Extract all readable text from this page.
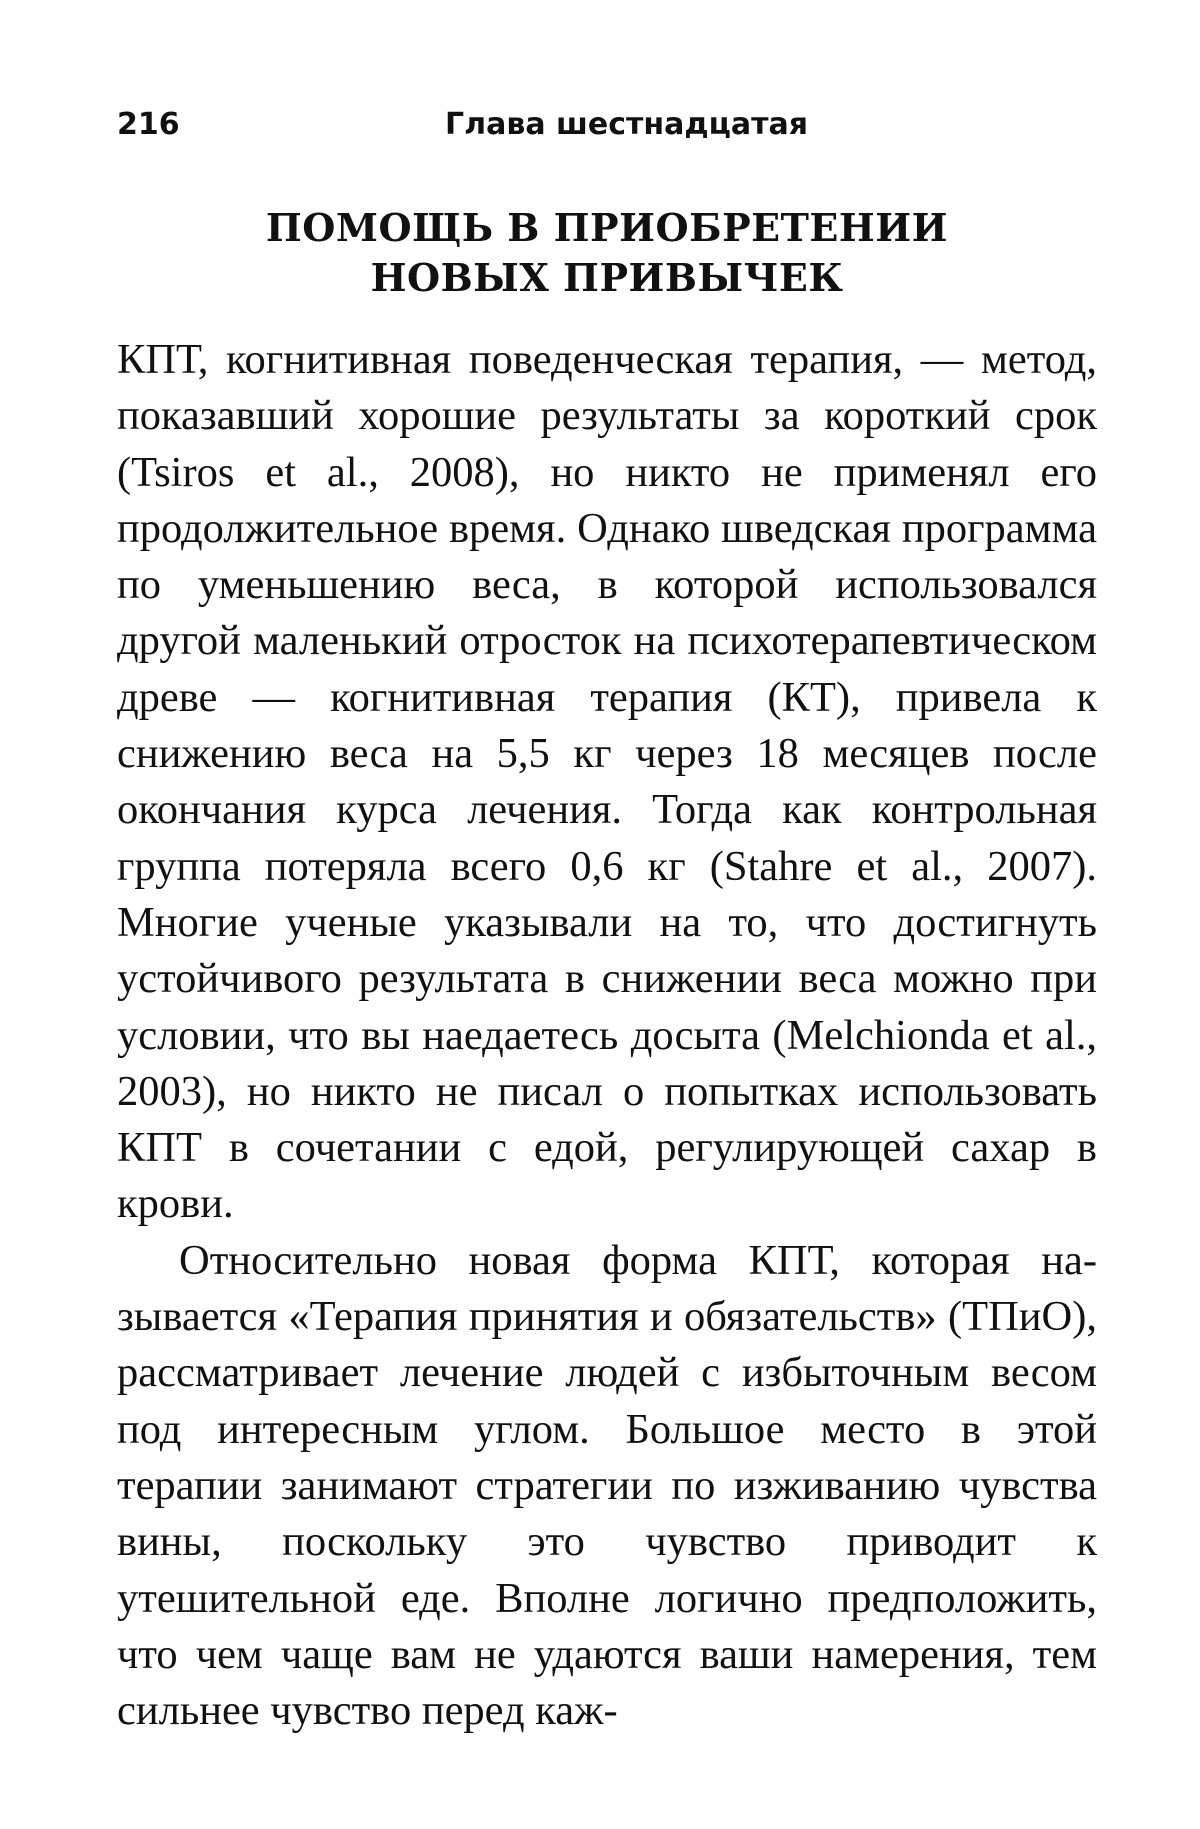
216	Глава шестнадцатая
ПОМОЩЬ В ПРИОБРЕТЕНИИ
НОВЫХ ПРИВЫЧЕК

КПТ, когнитивная поведенческая терапия, — метод, показавший хорошие результаты за короткий срок (Tsiros et al., 2008), но никто не применял его продолжительное время. Однако шведская программа по уменьшению веса, в которой использовался другой маленький отросток на психотерапевтическом древе — когнитивная терапия (КТ), привела к снижению веса на 5,5 кг через 18 месяцев после окончания курса лечения. Тогда как контрольная группа потеряла всего 0,6 кг (Stahre et al., 2007). Многие ученые указывали на то, что достигнуть устойчивого результата в снижении веса можно при условии, что вы наедаетесь досыта (Melchionda et al., 2003), но никто не писал о попытках использовать КПТ в сочетании с едой, регулирующей сахар в крови.

Относительно новая форма КПТ, которая называется «Терапия принятия и обязательств» (ТПиО), рассматривает лечение людей с избыточным весом под интересным углом. Большое место в этой терапии занимают стратегии по изживанию чувства вины, поскольку это чувство приводит к утешительной еде. Вполне логично предположить, что чем чаще вам не удаются ваши намерения, тем сильнее чувство перед каж-
